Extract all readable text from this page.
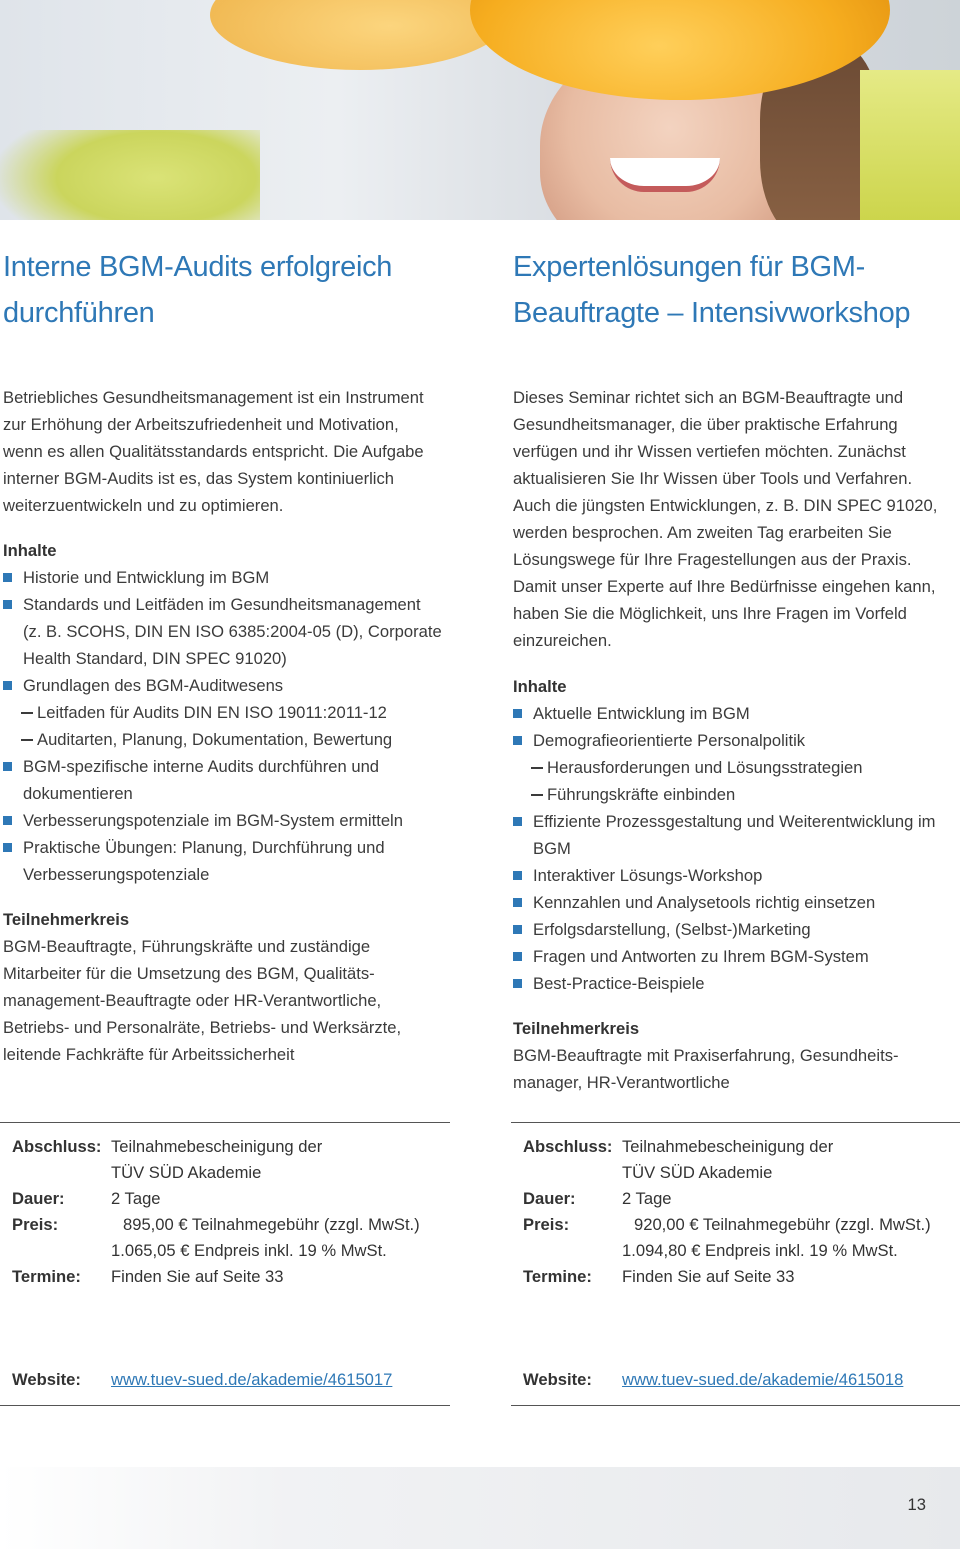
Interne BGM-Audits erfolgreich
durchführen
Expertenlösungen für BGM-
Beauftragte – Intensivworkshop

Betriebliches Gesundheitsmanagement ist ein Instrument

zur Erhöhung der Arbeitszufriedenheit und Motivation,

wenn es allen Qualitätsstandards entspricht. Die Aufgabe

interner BGM-Audits ist es, das System kontiniuerlich

weiterzuentwickeln und zu optimieren.

Inhalte

Historie und Entwicklung im BGM

Standards und Leitfäden im Gesundheitsmanagement

(z. B. SCOHS, DIN EN ISO 6385:2004-05 (D), Corporate

Health Standard, DIN SPEC 91020)

Grundlagen des BGM-Auditwesens

Leitfaden für Audits DIN EN ISO 19011:2011-12

Auditarten, Planung, Dokumentation, Bewertung

BGM-spezifische interne Audits durchführen und

dokumentieren

Verbesserungspotenziale im BGM-System ermitteln

Praktische Übungen: Planung, Durchführung und

Verbesserungspotenziale

Teilnehmerkreis

BGM-Beauftragte, Führungskräfte und zuständige

Mitarbeiter für die Umsetzung des BGM, Qualitäts-

management-Beauftragte oder HR-Verantwortliche,

Betriebs- und Personalräte, Betriebs- und Werksärzte,

leitende Fachkräfte für Arbeitssicherheit

Dieses Seminar richtet sich an BGM-Beauftragte und

Gesundheitsmanager, die über praktische Erfahrung

verfügen und ihr Wissen vertiefen möchten. Zunächst

aktualisieren Sie Ihr Wissen über Tools und Verfahren.

Auch die jüngsten Entwicklungen, z. B. DIN SPEC 91020,

werden besprochen. Am zweiten Tag erarbeiten Sie

Lösungswege für Ihre Fragestellungen aus der Praxis.

Damit unser Experte auf Ihre Bedürfnisse eingehen kann,

haben Sie die Möglichkeit, uns Ihre Fragen im Vorfeld

einzureichen.

Inhalte

Aktuelle Entwicklung im BGM

Demografieorientierte Personalpolitik

Herausforderungen und Lösungsstrategien

Führungskräfte einbinden

Effiziente Prozessgestaltung und Weiterentwicklung im

BGM

Interaktiver Lösungs-Workshop

Kennzahlen und Analysetools richtig einsetzen

Erfolgsdarstellung, (Selbst-)Marketing

Fragen und Antworten zu Ihrem BGM-System

Best-Practice-Beispiele

Teilnehmerkreis

BGM-Beauftragte mit Praxiserfahrung, Gesundheits-

manager, HR-Verantwortliche

Abschluss: Teilnahmebescheinigung der
TÜV SÜD Akademie
Dauer:	2 Tage
Preis:	895,00 € Teilnahmegebühr (zzgl. MwSt.)
1.065,05 € Endpreis inkl. 19 % MwSt.
Termine:	Finden Sie auf Seite 33
Website:	www.tuev-sued.de/akademie/4615017
Abschluss: Teilnahmebescheinigung der
TÜV SÜD Akademie
Dauer:	2 Tage
Preis:	920,00 € Teilnahmegebühr (zzgl. MwSt.)
1.094,80 € Endpreis inkl. 19 % MwSt.
Termine:	Finden Sie auf Seite 33
Website:	www.tuev-sued.de/akademie/4615018
13
